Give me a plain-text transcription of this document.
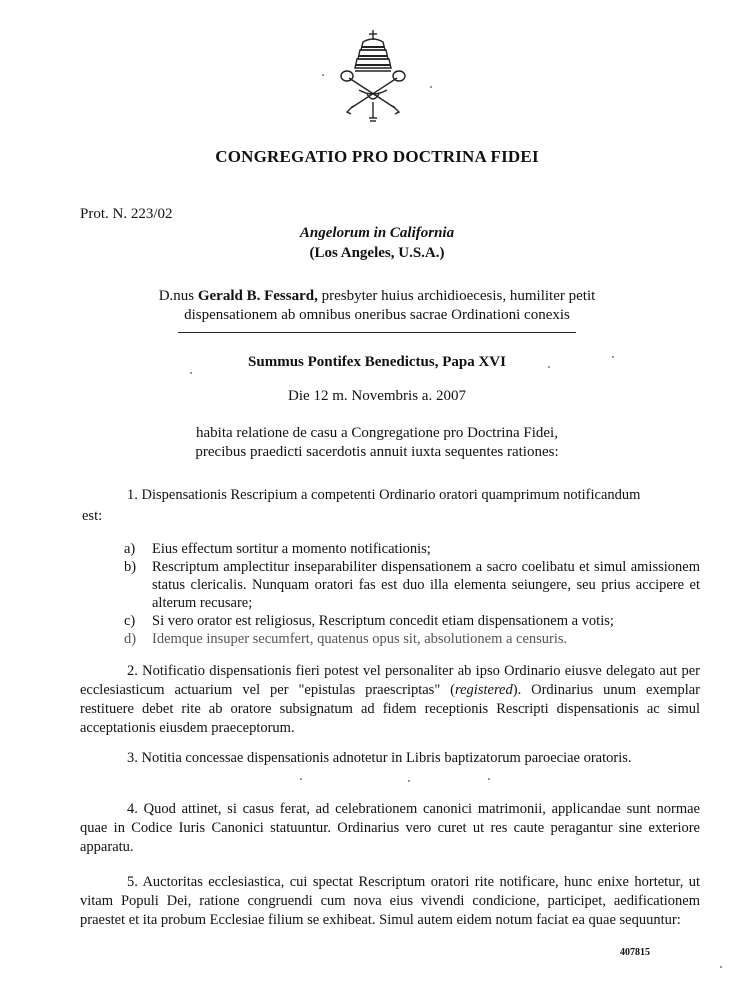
CONGREGATIO PRO DOCTRINA FIDEI
Prot. N. 223/02
Angelorum in California
(Los Angeles, U.S.A.)
D.nus Gerald B. Fessard, presbyter huius archidioecesis, humiliter petit
dispensationem ab omnibus oneribus sacrae Ordinationi conexis
Summus Pontifex Benedictus, Papa XVI
Die 12 m. Novembris a. 2007
habita relatione de casu a Congregatione pro Doctrina Fidei,
precibus praedicti sacerdotis annuit iuxta sequentes rationes:
1. Dispensationis Rescripium a competenti Ordinario oratori quamprimum notificandum
est:
a) Eius effectum sortitur a momento notificationis;
b) Rescriptum amplectitur inseparabiliter dispensationem a sacro coelibatu et simul amissionem status clericalis. Nunquam oratori fas est duo illa elementa seiungere, seu prius accipere et alterum recusare;
c) Si vero orator est religiosus, Rescriptum concedit etiam dispensationem a votis;
d) Idemque insuper secumfert, quatenus opus sit, absolutionem a censuris.
2. Notificatio dispensationis fieri potest vel personaliter ab ipso Ordinario eiusve delegato aut per ecclesiasticum actuarium vel per "epistulas praescriptas" (registered). Ordinarius unum exemplar restituere debet rite ab oratore subsignatum ad fidem receptionis Rescripti dispensationis ac simul acceptationis eiusdem praeceptorum.
3. Notitia concessae dispensationis adnotetur in Libris baptizatorum paroeciae oratoris.
4. Quod attinet, si casus ferat, ad celebrationem canonici matrimonii, applicandae sunt normae quae in Codice Iuris Canonici statuuntur. Ordinarius vero curet ut res caute peragantur sine exteriore apparatu.
5. Auctoritas ecclesiastica, cui spectat Rescriptum oratori rite notificare, hunc enixe hortetur, ut vitam Populi Dei, ratione congruendi cum nova eius vivendi condicione, participet, aedificationem praestet et ita probum Ecclesiae filium se exhibeat. Simul autem eidem notum faciat ea quae sequuntur:
407815
